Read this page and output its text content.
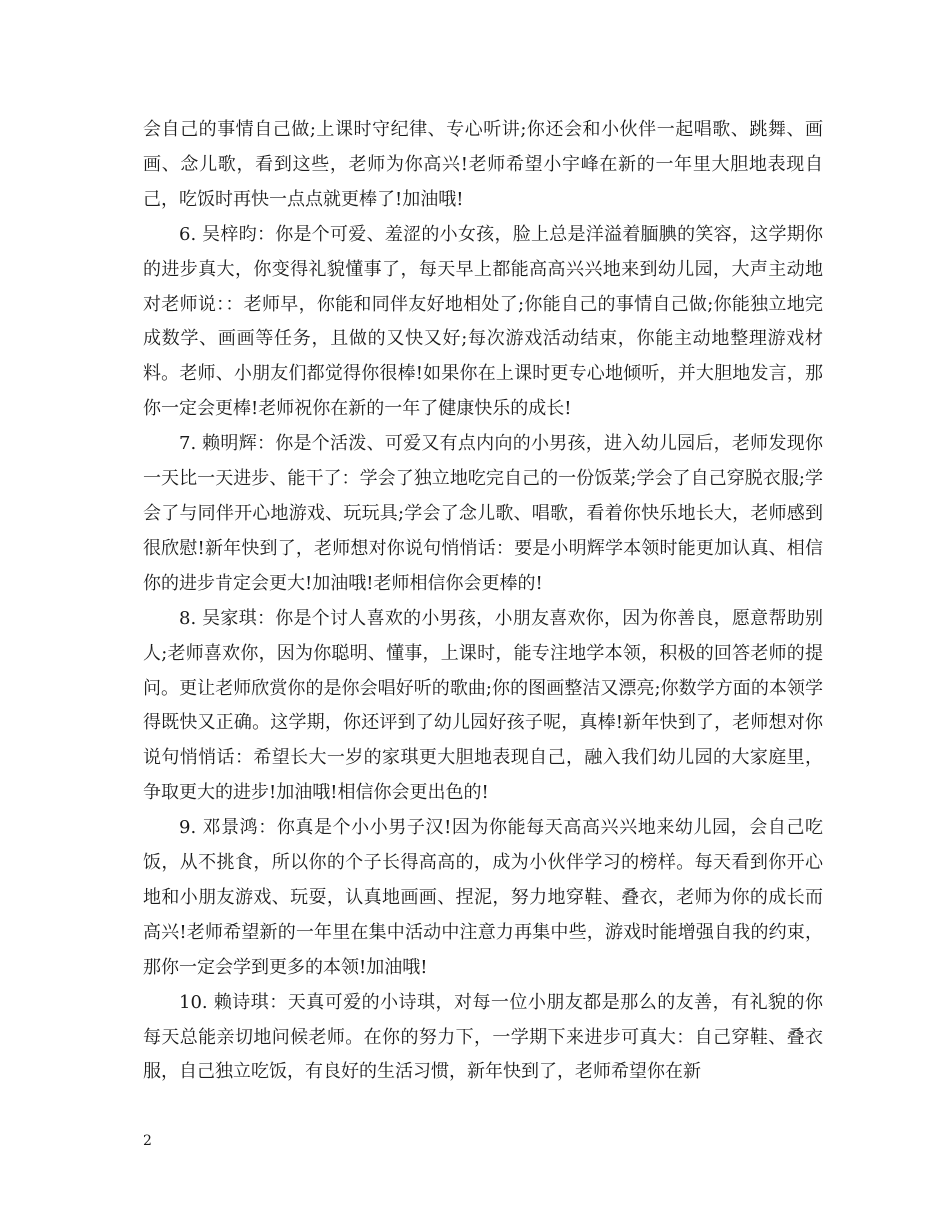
会自己的事情自己做;上课时守纪律、专心听讲;你还会和小伙伴一起唱歌、跳舞、画画、念儿歌，看到这些，老师为你高兴!老师希望小宇峰在新的一年里大胆地表现自己，吃饭时再快一点点就更棒了!加油哦!

6. 吴梓昀：你是个可爱、羞涩的小女孩，脸上总是洋溢着腼腆的笑容，这学期你的进步真大，你变得礼貌懂事了，每天早上都能高高兴兴地来到幼儿园，大声主动地对老师说：：老师早，你能和同伴友好地相处了;你能自己的事情自己做;你能独立地完成数学、画画等任务，且做的又快又好;每次游戏活动结束，你能主动地整理游戏材料。老师、小朋友们都觉得你很棒!如果你在上课时更专心地倾听，并大胆地发言，那你一定会更棒!老师祝你在新的一年了健康快乐的成长!

7. 赖明辉：你是个活泼、可爱又有点内向的小男孩，进入幼儿园后，老师发现你一天比一天进步、能干了：学会了独立地吃完自己的一份饭菜;学会了自己穿脱衣服;学会了与同伴开心地游戏、玩玩具;学会了念儿歌、唱歌，看着你快乐地长大，老师感到很欣慰!新年快到了，老师想对你说句悄悄话：要是小明辉学本领时能更加认真、相信你的进步肯定会更大!加油哦!老师相信你会更棒的!

8. 吴家琪：你是个讨人喜欢的小男孩，小朋友喜欢你，因为你善良，愿意帮助别人;老师喜欢你，因为你聪明、懂事，上课时，能专注地学本领，积极的回答老师的提问。更让老师欣赏你的是你会唱好听的歌曲;你的图画整洁又漂亮;你数学方面的本领学得既快又正确。这学期，你还评到了幼儿园好孩子呢，真棒!新年快到了，老师想对你说句悄悄话：希望长大一岁的家琪更大胆地表现自己，融入我们幼儿园的大家庭里，争取更大的进步!加油哦!相信你会更出色的!

9. 邓景鸿：你真是个小小男子汉!因为你能每天高高兴兴地来幼儿园，会自己吃饭，从不挑食，所以你的个子长得高高的，成为小伙伴学习的榜样。每天看到你开心地和小朋友游戏、玩耍，认真地画画、捏泥，努力地穿鞋、叠衣，老师为你的成长而高兴!老师希望新的一年里在集中活动中注意力再集中些，游戏时能增强自我的约束，那你一定会学到更多的本领!加油哦!

10. 赖诗琪：天真可爱的小诗琪，对每一位小朋友都是那么的友善，有礼貌的你每天总能亲切地问候老师。在你的努力下，一学期下来进步可真大：自己穿鞋、叠衣服，自己独立吃饭，有良好的生活习惯，新年快到了，老师希望你在新

2
